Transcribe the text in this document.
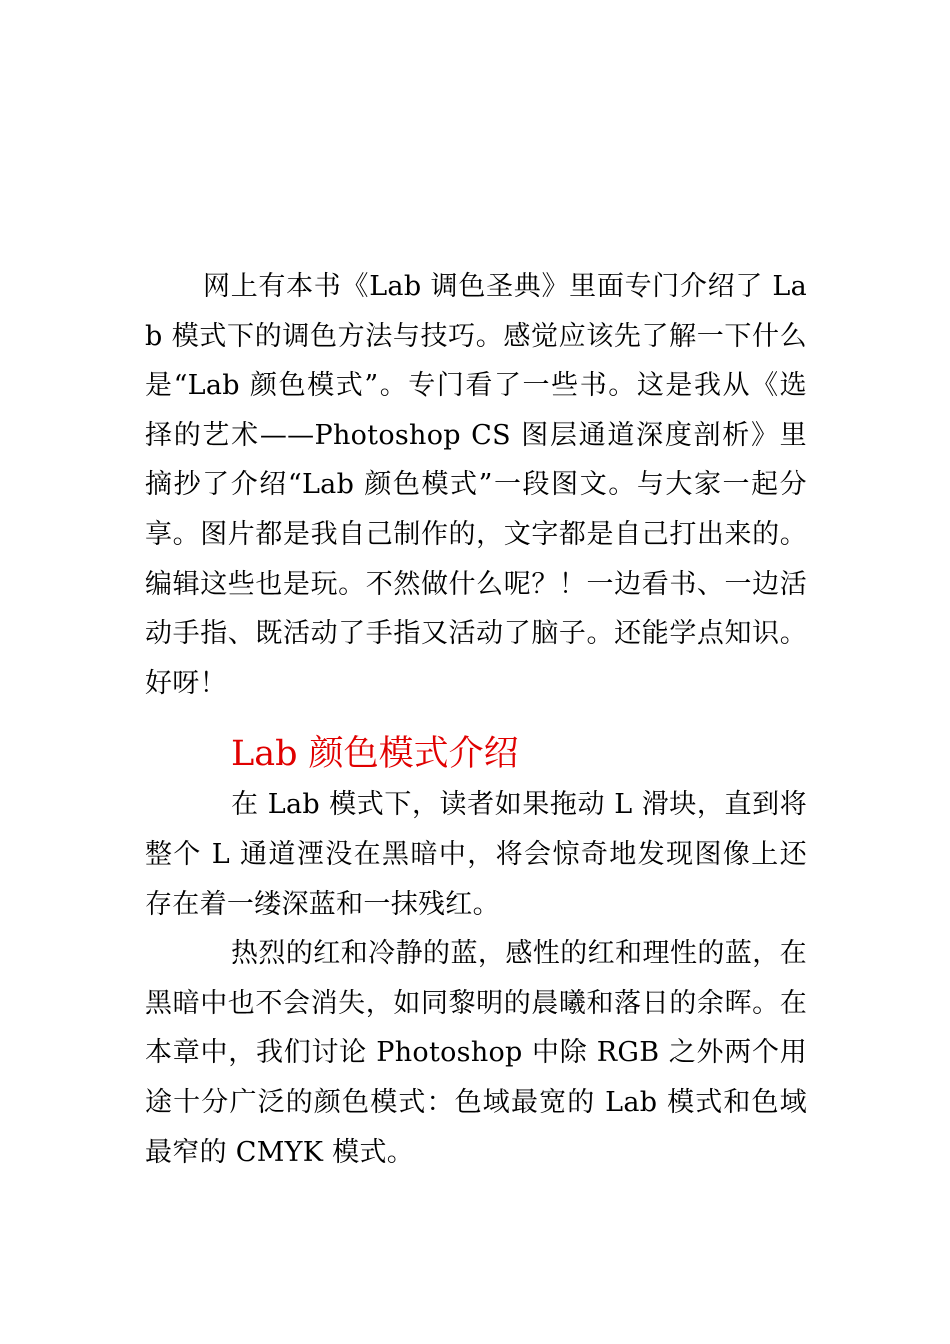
网上有本书《Lab 调色圣典》里面专门介绍了 Lab 模式下的调色方法与技巧。感觉应该先了解一下什么是“Lab 颜色模式”。专门看了一些书。这是我从《选择的艺术——Photoshop CS 图层通道深度剖析》里摘抄了介绍“Lab 颜色模式”一段图文。与大家一起分享。图片都是我自己制作的，文字都是自己打出来的。编辑这些也是玩。不然做什么呢？！一边看书、一边活动手指、既活动了手指又活动了脑子。还能学点知识。好呀！

Lab 颜色模式介绍

在 Lab 模式下，读者如果拖动 L 滑块，直到将整个 L 通道湮没在黑暗中，将会惊奇地发现图像上还存在着一缕深蓝和一抹残红。

热烈的红和冷静的蓝，感性的红和理性的蓝，在黑暗中也不会消失，如同黎明的晨曦和落日的余晖。在本章中，我们讨论 Photoshop 中除 RGB 之外两个用途十分广泛的颜色模式：色域最宽的 Lab 模式和色域最窄的 CMYK 模式。
